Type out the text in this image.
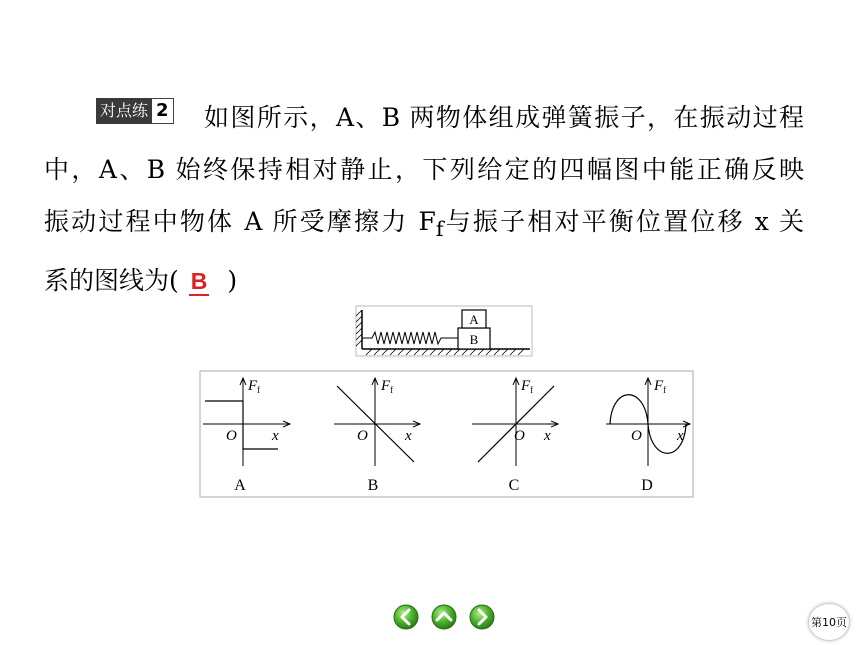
对点练 2 如图所示，A、B 两物体组成弹簧振子，在振动过程
中，A、B 始终保持相对静止，下列给定的四幅图中能正确反映
振动过程中物体 A 所受摩擦力 $F_f$与振子相对平衡位置位移 x 关
系的图线为( B )
A
B
$F_f$
x
O
A
$F_f$
x
O
B
$F_f$
x
O
C
$F_f$
x
O
D
第10页
